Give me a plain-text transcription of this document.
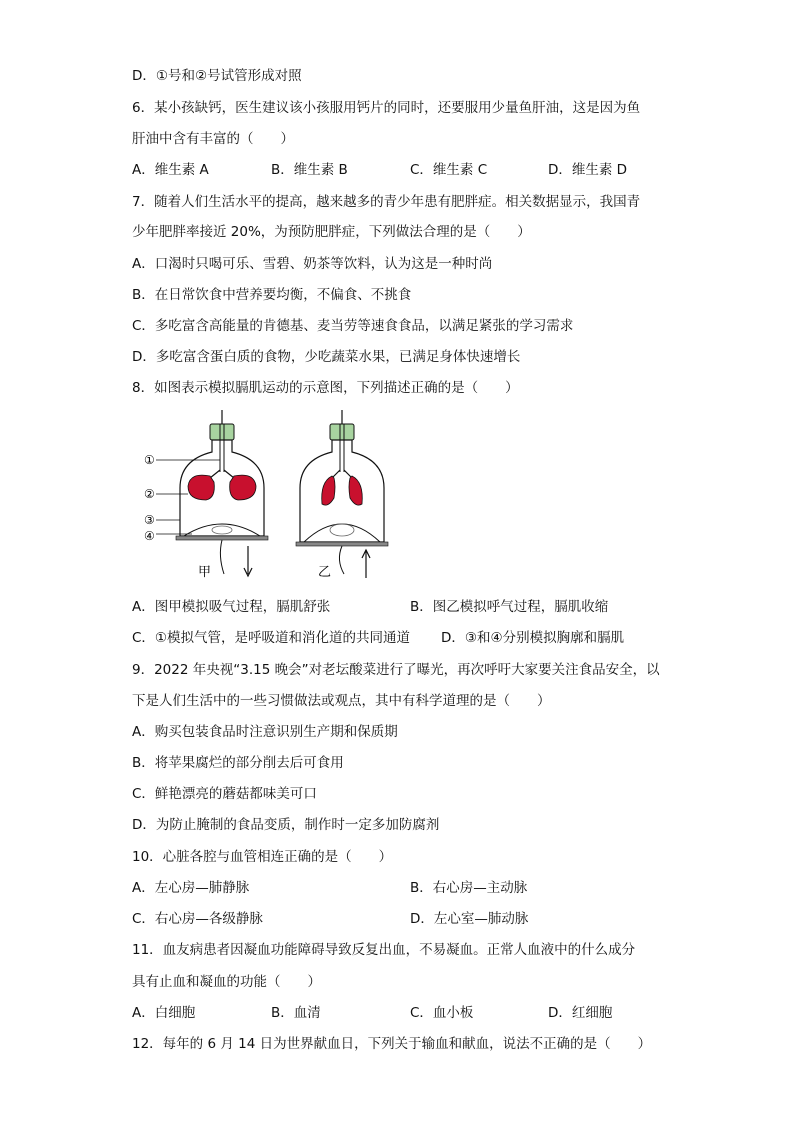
D．①号和②号试管形成对照
6．某小孩缺钙，医生建议该小孩服用钙片的同时，还要服用少量鱼肝油，这是因为鱼
肝油中含有丰富的（　　）
A．维生素 A	B．维生素 B	C．维生素 C	D．维生素 D
7．随着人们生活水平的提高，越来越多的青少年患有肥胖症。相关数据显示，我国青
少年肥胖率接近 20%，为预防肥胖症，下列做法合理的是（　　）
A．口渴时只喝可乐、雪碧、奶茶等饮料，认为这是一种时尚
B．在日常饮食中营养要均衡，不偏食、不挑食
C．多吃富含高能量的肯德基、麦当劳等速食食品，以满足紧张的学习需求
D．多吃富含蛋白质的食物，少吃蔬菜水果，已满足身体快速增长
8．如图表示模拟膈肌运动的示意图，下列描述正确的是（　　）
①
②
③
④
甲	乙
A．图甲模拟吸气过程，膈肌舒张	B．图乙模拟呼气过程，膈肌收缩
C．①模拟气管，是呼吸道和消化道的共同通道 D．③和④分别模拟胸廓和膈肌
9．2022 年央视“3.15 晚会”对老坛酸菜进行了曝光，再次呼吁大家要关注食品安全，以
下是人们生活中的一些习惯做法或观点，其中有科学道理的是（　　）
A．购买包装食品时注意识别生产期和保质期
B．将苹果腐烂的部分削去后可食用
C．鲜艳漂亮的蘑菇都味美可口
D．为防止腌制的食品变质，制作时一定多加防腐剂
10．心脏各腔与血管相连正确的是（　　）
A．左心房—肺静脉	B．右心房—主动脉
C．右心房—各级静脉	D．左心室—肺动脉
11．血友病患者因凝血功能障碍导致反复出血，不易凝血。正常人血液中的什么成分
具有止血和凝血的功能（　　）
A．白细胞	B．血清	C．血小板	D．红细胞
12．每年的 6 月 14 日为世界献血日，下列关于输血和献血，说法不正确的是（　　）
